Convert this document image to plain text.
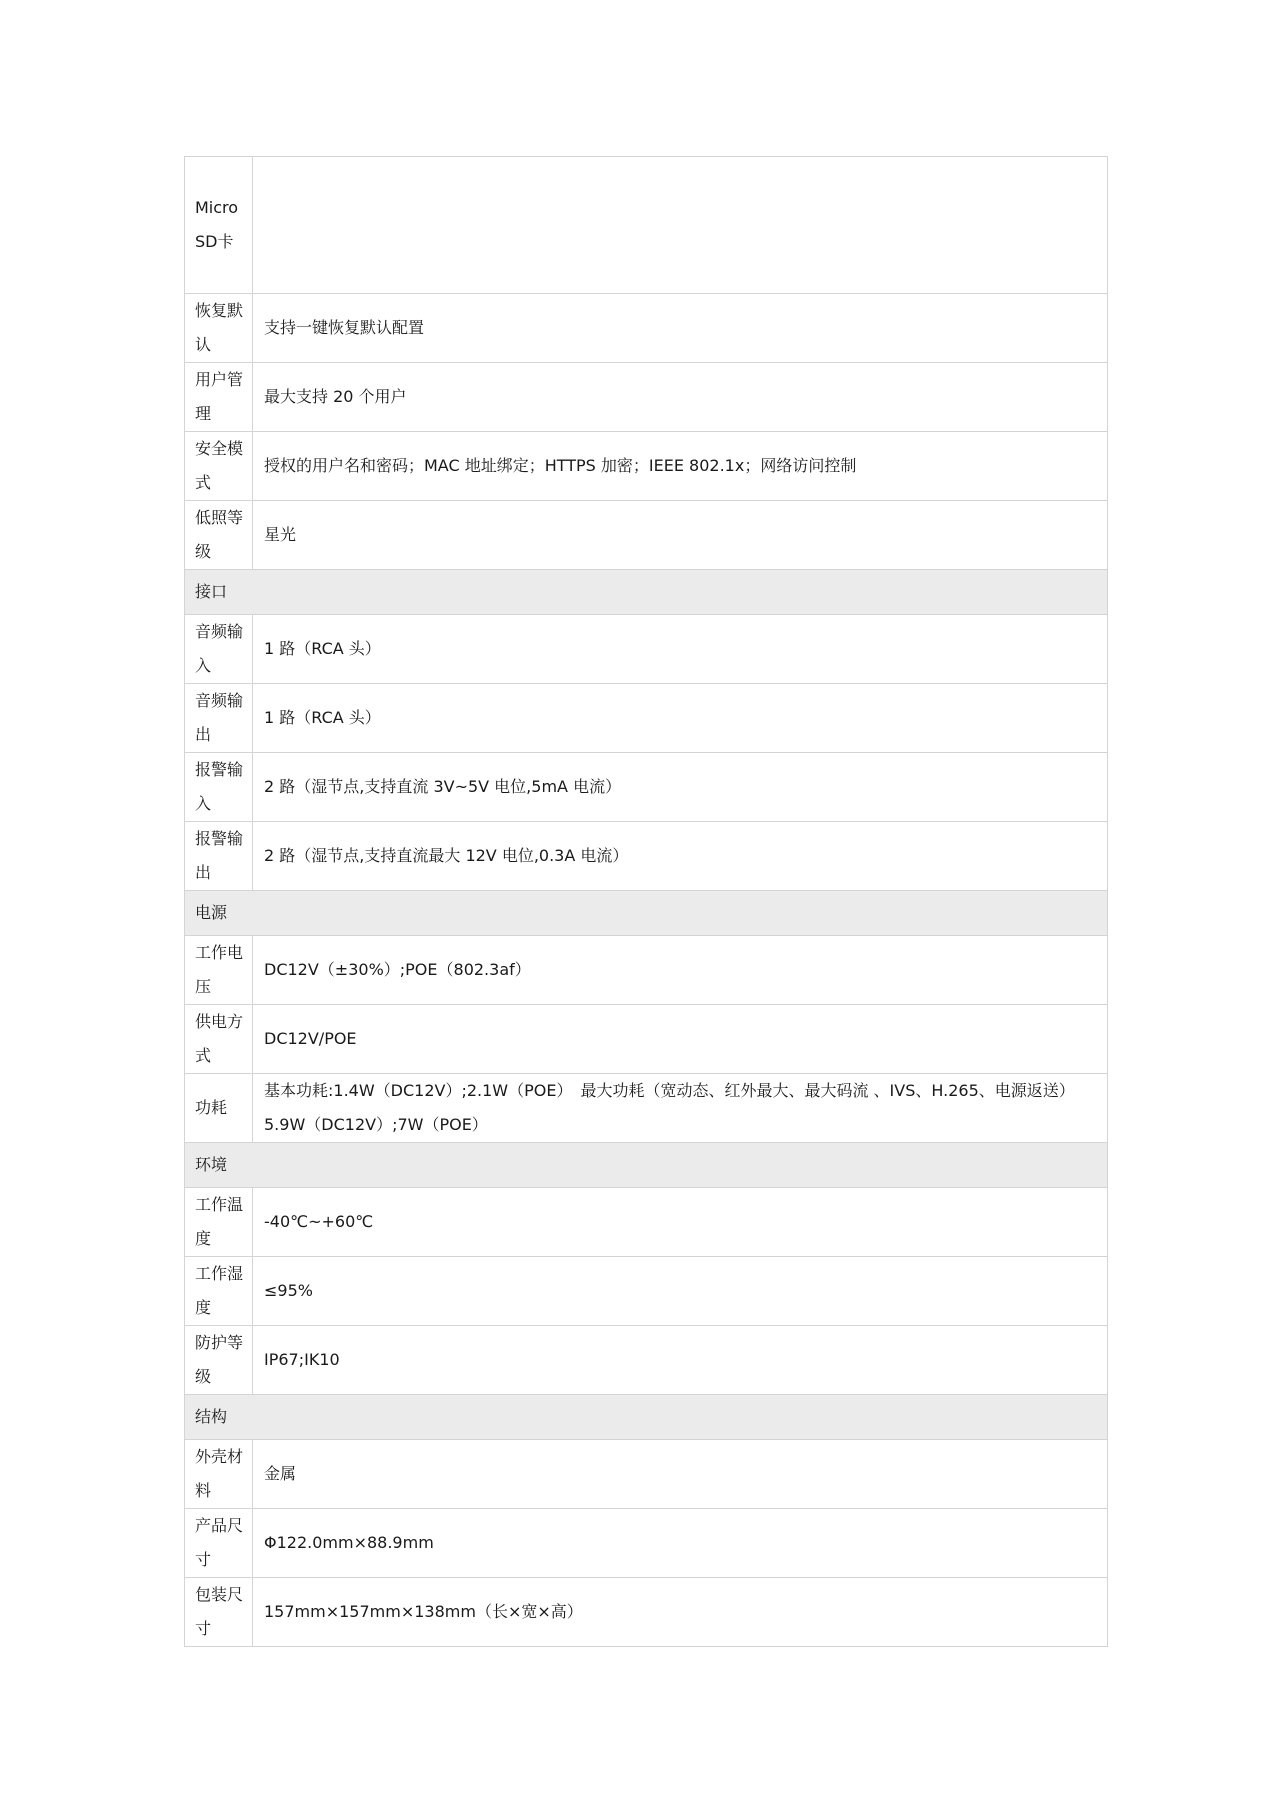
Micro SD卡	
恢复默认	支持一键恢复默认配置
用户管理	最大支持 20 个用户
安全模式	授权的用户名和密码；MAC 地址绑定；HTTPS 加密；IEEE 802.1x；网络访问控制
低照等级	星光
接口	
音频输入	1 路（RCA 头）
音频输出	1 路（RCA 头）
报警输入	2 路（湿节点,支持直流 3V~5V 电位,5mA 电流）
报警输出	2 路（湿节点,支持直流最大 12V 电位,0.3A 电流）
电源	
工作电压	DC12V（±30%）;POE（802.3af）
供电方式	DC12V/POE
功耗	基本功耗:1.4W（DC12V）;2.1W（POE）　最大功耗（宽动态、红外最大、最大码流 、IVS、H.265、电源返送）5.9W（DC12V）;7W（POE）
环境	
工作温度	-40℃~+60℃
工作湿度	≤95%
防护等级	IP67;IK10
结构	
外壳材料	金属
产品尺寸	Φ122.0mm×88.9mm
包装尺寸	157mm×157mm×138mm（长×宽×高）
